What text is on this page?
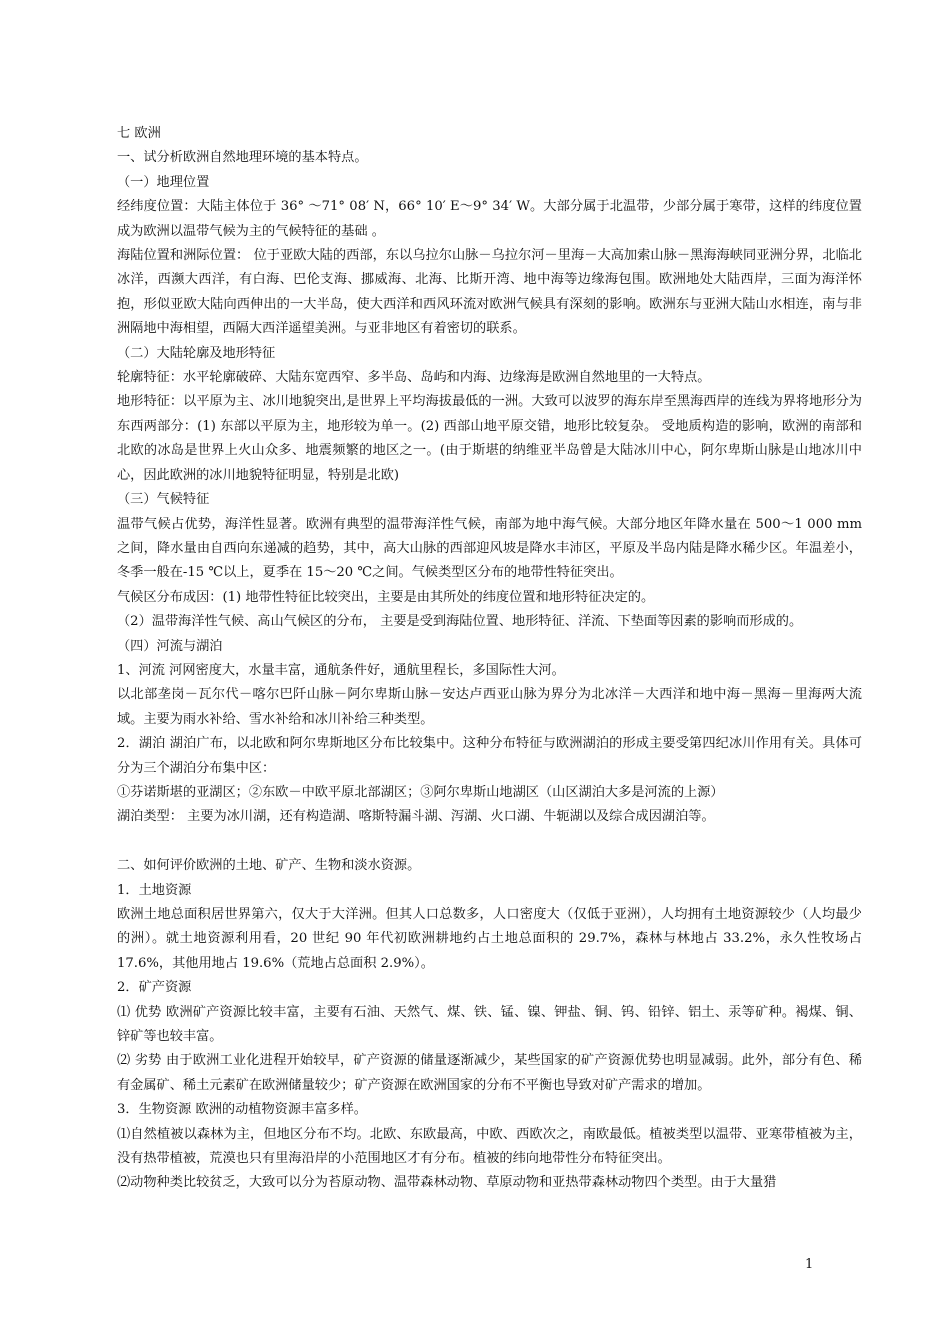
七 欧洲

一、试分析欧洲自然地理环境的基本特点。

（一）地理位置

经纬度位置：大陆主体位于 36° ～71° 08′ N，66° 10′ E～9° 34′ W。大部分属于北温带，少部分属于寒带，这样的纬度位置成为欧洲以温带气候为主的气候特征的基础 。

海陆位置和洲际位置： 位于亚欧大陆的西部，东以乌拉尔山脉－乌拉尔河－里海－大高加索山脉－黑海海峡同亚洲分界，北临北冰洋，西濒大西洋，有白海、巴伦支海、挪威海、北海、比斯开湾、地中海等边缘海包围。欧洲地处大陆西岸，三面为海洋怀抱，形似亚欧大陆向西伸出的一大半岛，使大西洋和西风环流对欧洲气候具有深刻的影响。欧洲东与亚洲大陆山水相连，南与非洲隔地中海相望，西隔大西洋遥望美洲。与亚非地区有着密切的联系。

（二）大陆轮廓及地形特征

轮廓特征：水平轮廓破碎、大陆东宽西窄、多半岛、岛屿和内海、边缘海是欧洲自然地里的一大特点。

地形特征：以平原为主、冰川地貌突出,是世界上平均海拔最低的一洲。大致可以波罗的海东岸至黑海西岸的连线为界将地形分为东西两部分：(1) 东部以平原为主，地形较为单一。(2) 西部山地平原交错，地形比较复杂。 受地质构造的影响，欧洲的南部和北欧的冰岛是世界上火山众多、地震频繁的地区之一。(由于斯堪的纳维亚半岛曾是大陆冰川中心，阿尔卑斯山脉是山地冰川中心，因此欧洲的冰川地貌特征明显，特别是北欧)

（三）气候特征

温带气候占优势，海洋性显著。欧洲有典型的温带海洋性气候，南部为地中海气候。大部分地区年降水量在 500～1 000 mm 之间，降水量由自西向东递减的趋势，其中，高大山脉的西部迎风坡是降水丰沛区，平原及半岛内陆是降水稀少区。年温差小，冬季一般在-15 ℃以上，夏季在 15～20 ℃之间。气候类型区分布的地带性特征突出。

气候区分布成因：(1) 地带性特征比较突出，主要是由其所处的纬度位置和地形特征决定的。

（2）温带海洋性气候、高山气候区的分布， 主要是受到海陆位置、地形特征、洋流、下垫面等因素的影响而形成的。

（四）河流与湖泊

1、河流 河网密度大，水量丰富，通航条件好，通航里程长，多国际性大河。

以北部垄岗－瓦尔代－喀尔巴阡山脉－阿尔卑斯山脉－安达卢西亚山脉为界分为北冰洋－大西洋和地中海－黑海－里海两大流域。主要为雨水补给、雪水补给和冰川补给三种类型。

2．湖泊 湖泊广布，以北欧和阿尔卑斯地区分布比较集中。这种分布特征与欧洲湖泊的形成主要受第四纪冰川作用有关。具体可分为三个湖泊分布集中区：

①芬诺斯堪的亚湖区；②东欧－中欧平原北部湖区；③阿尔卑斯山地湖区（山区湖泊大多是河流的上源）

湖泊类型： 主要为冰川湖，还有构造湖、喀斯特漏斗湖、泻湖、火口湖、牛轭湖以及综合成因湖泊等。

二、如何评价欧洲的土地、矿产、生物和淡水资源。

1．土地资源

欧洲土地总面积居世界第六，仅大于大洋洲。但其人口总数多，人口密度大（仅低于亚洲），人均拥有土地资源较少（人均最少的洲）。就土地资源利用看，20 世纪 90 年代初欧洲耕地约占土地总面积的 29.7%，森林与林地占 33.2%，永久性牧场占 17.6%，其他用地占 19.6%（荒地占总面积 2.9%）。

2．矿产资源

⑴ 优势 欧洲矿产资源比较丰富，主要有石油、天然气、煤、铁、锰、镍、钾盐、铜、钨、铅锌、铝土、汞等矿种。褐煤、铜、锌矿等也较丰富。

⑵ 劣势 由于欧洲工业化进程开始较早，矿产资源的储量逐渐减少，某些国家的矿产资源优势也明显减弱。此外，部分有色、稀有金属矿、稀土元素矿在欧洲储量较少；矿产资源在欧洲国家的分布不平衡也导致对矿产需求的增加。

3．生物资源 欧洲的动植物资源丰富多样。

⑴自然植被以森林为主，但地区分布不均。北欧、东欧最高，中欧、西欧次之，南欧最低。植被类型以温带、亚寒带植被为主，没有热带植被，荒漠也只有里海沿岸的小范围地区才有分布。植被的纬向地带性分布特征突出。

⑵动物种类比较贫乏，大致可以分为苔原动物、温带森林动物、草原动物和亚热带森林动物四个类型。由于大量猎

1
